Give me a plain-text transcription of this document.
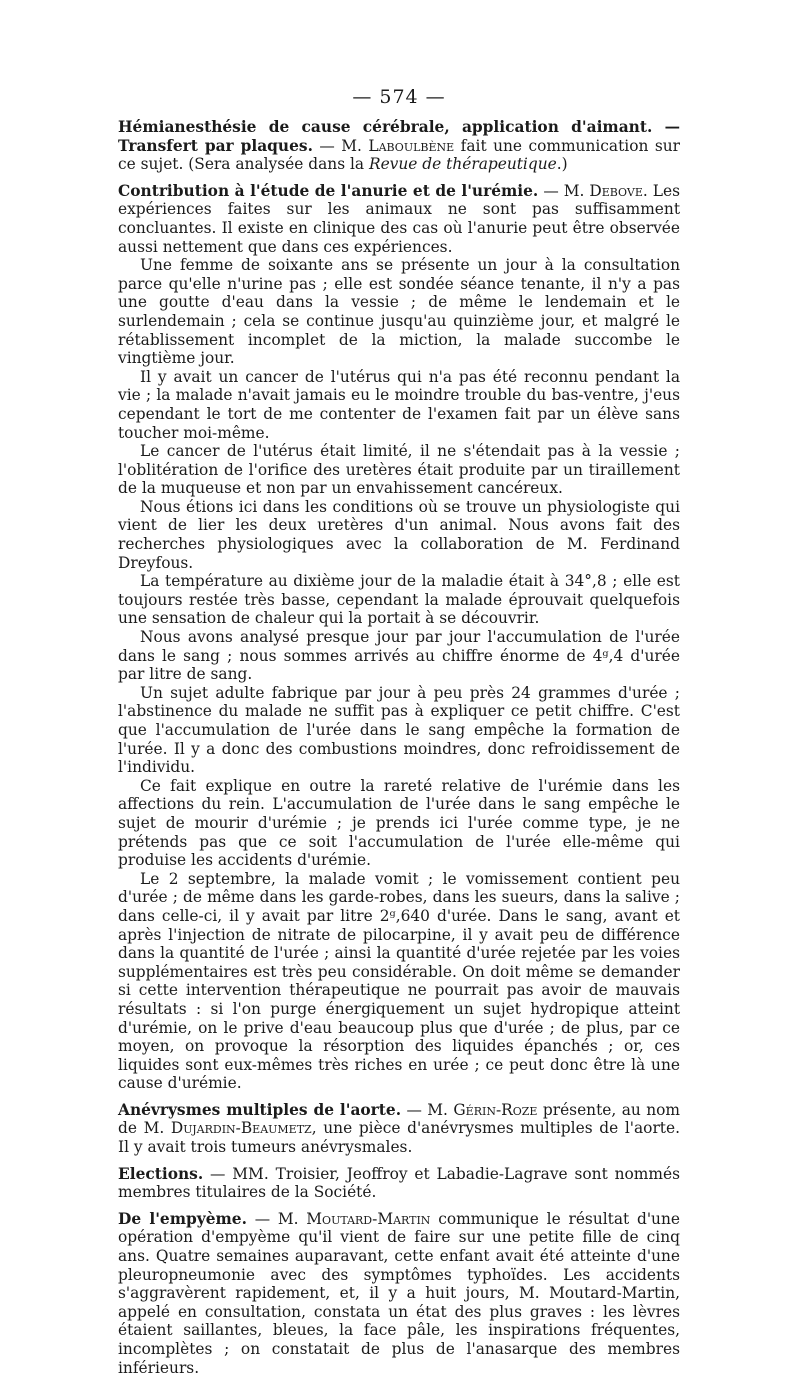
— 574 —

Hémianesthésie de cause cérébrale, application d'aimant. — Transfert par plaques. — M. Laboulbène fait une communication sur ce sujet. (Sera analysée dans la Revue de thérapeutique.)

Contribution à l'étude de l'anurie et de l'urémie. — M. Debove. Les expériences faites sur les animaux ne sont pas suffisamment concluantes. Il existe en clinique des cas où l'anurie peut être observée aussi nettement que dans ces expériences.

Une femme de soixante ans se présente un jour à la consultation parce qu'elle n'urine pas ; elle est sondée séance tenante, il n'y a pas une goutte d'eau dans la vessie ; de même le lendemain et le surlendemain ; cela se continue jusqu'au quinzième jour, et malgré le rétablissement incomplet de la miction, la malade succombe le vingtième jour.

Il y avait un cancer de l'utérus qui n'a pas été reconnu pendant la vie ; la malade n'avait jamais eu le moindre trouble du bas-ventre, j'eus cependant le tort de me contenter de l'examen fait par un élève sans toucher moi-même.

Le cancer de l'utérus était limité, il ne s'étendait pas à la vessie ; l'oblitération de l'orifice des uretères était produite par un tiraillement de la muqueuse et non par un envahissement cancéreux.

Nous étions ici dans les conditions où se trouve un physiologiste qui vient de lier les deux uretères d'un animal. Nous avons fait des recherches physiologiques avec la collaboration de M. Ferdinand Dreyfous.

La température au dixième jour de la maladie était à 34°,8 ; elle est toujours restée très basse, cependant la malade éprouvait quelquefois une sensation de chaleur qui la portait à se découvrir.

Nous avons analysé presque jour par jour l'accumulation de l'urée dans le sang ; nous sommes arrivés au chiffre énorme de 4ᵍ,4 d'urée par litre de sang.

Un sujet adulte fabrique par jour à peu près 24 grammes d'urée ; l'abstinence du malade ne suffit pas à expliquer ce petit chiffre. C'est que l'accumulation de l'urée dans le sang empêche la formation de l'urée. Il y a donc des combustions moindres, donc refroidissement de l'individu.

Ce fait explique en outre la rareté relative de l'urémie dans les affections du rein. L'accumulation de l'urée dans le sang empêche le sujet de mourir d'urémie ; je prends ici l'urée comme type, je ne prétends pas que ce soit l'accumulation de l'urée elle-même qui produise les accidents d'urémie.

Le 2 septembre, la malade vomit ; le vomissement contient peu d'urée ; de même dans les garde-robes, dans les sueurs, dans la salive ; dans celle-ci, il y avait par litre 2ᵍ,640 d'urée. Dans le sang, avant et après l'injection de nitrate de pilocarpine, il y avait peu de différence dans la quantité de l'urée ; ainsi la quantité d'urée rejetée par les voies supplémentaires est très peu considérable. On doit même se demander si cette intervention thérapeutique ne pourrait pas avoir de mauvais résultats : si l'on purge énergiquement un sujet hydropique atteint d'urémie, on le prive d'eau beaucoup plus que d'urée ; de plus, par ce moyen, on provoque la résorption des liquides épanchés ; or, ces liquides sont eux-mêmes très riches en urée ; ce peut donc être là une cause d'urémie.

Anévrysmes multiples de l'aorte. — M. Gérin-Roze présente, au nom de M. Dujardin-Beaumetz, une pièce d'anévrysmes multiples de l'aorte. Il y avait trois tumeurs anévrysmales.

Elections. — MM. Troisier, Jeoffroy et Labadie-Lagrave sont nommés membres titulaires de la Société.

De l'empyème. — M. Moutard-Martin communique le résultat d'une opération d'empyème qu'il vient de faire sur une petite fille de cinq ans. Quatre semaines auparavant, cette enfant avait été atteinte d'une pleuropneumonie avec des symptômes typhoïdes. Les accidents s'aggravèrent rapidement, et, il y a huit jours, M. Moutard-Martin, appelé en consultation, constata un état des plus graves : les lèvres étaient saillantes, bleues, la face pâle, les inspirations fréquentes, incomplètes ; on constatait de plus de l'anasarque des membres inférieurs.
